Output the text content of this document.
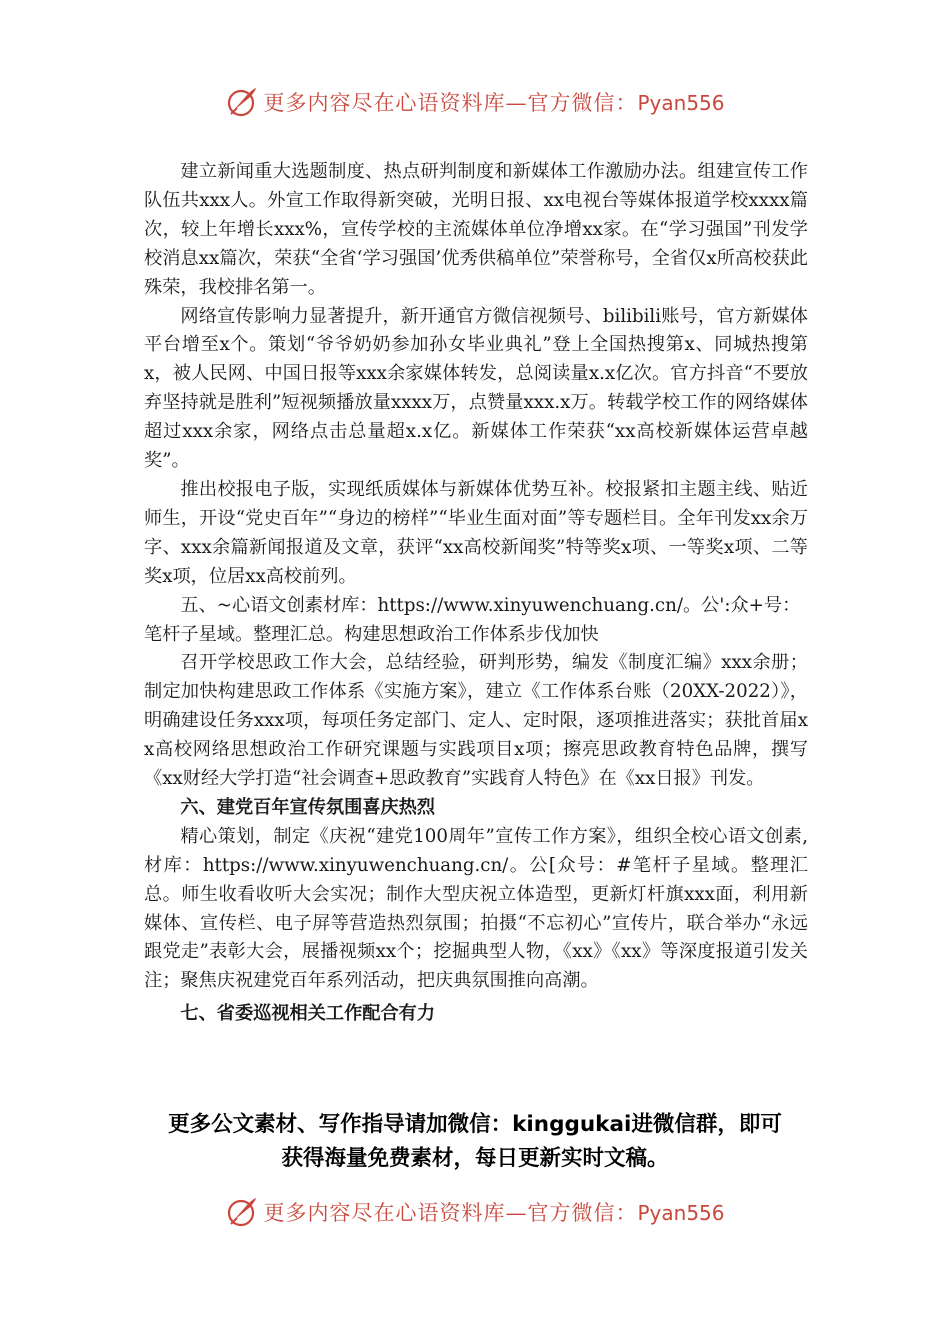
更多内容尽在心语资料库—官方微信：Pyan556

建立新闻重大选题制度、热点研判制度和新媒体工作激励办法。组建宣传工作队伍共xxx人。外宣工作取得新突破，光明日报、xx电视台等媒体报道学校xxxx篇次，较上年增长xxx%，宣传学校的主流媒体单位净增xx家。在“学习强国”刊发学校消息xx篇次，荣获“全省‘学习强国’优秀供稿单位”荣誉称号，全省仅x所高校获此殊荣，我校排名第一。

网络宣传影响力显著提升，新开通官方微信视频号、bilibili账号，官方新媒体平台增至x个。策划“爷爷奶奶参加孙女毕业典礼”登上全国热搜第x、同城热搜第x，被人民网、中国日报等xxx余家媒体转发，总阅读量x.x亿次。官方抖音“不要放弃坚持就是胜利”短视频播放量xxxx万，点赞量xxx.x万。转载学校工作的网络媒体超过xxx余家，网络点击总量超x.x亿。新媒体工作荣获“xx高校新媒体运营卓越奖”。

推出校报电子版，实现纸质媒体与新媒体优势互补。校报紧扣主题主线、贴近师生，开设“党史百年”“身边的榜样”“毕业生面对面”等专题栏目。全年刊发xx余万字、xxx余篇新闻报道及文章，获评“xx高校新闻奖”特等奖x项、一等奖x项、二等奖x项，位居xx高校前列。

五、~心语文创素材库：https://www.xinyuwenchuang.cn/。公':众+号：笔杆子星域。整理汇总。构建思想政治工作体系步伐加快

召开学校思政工作大会，总结经验，研判形势，编发《制度汇编》xxx余册；制定加快构建思政工作体系《实施方案》，建立《工作体系台账（20XX-2022）》，明确建设任务xxx项，每项任务定部门、定人、定时限，逐项推进落实；获批首届xx高校网络思想政治工作研究课题与实践项目x项；擦亮思政教育特色品牌，撰写《xx财经大学打造“社会调查+思政教育”实践育人特色》在《xx日报》刊发。

六、建党百年宣传氛围喜庆热烈

精心策划，制定《庆祝“建党100周年”宣传工作方案》，组织全校心语文创素,材库：https://www.xinyuwenchuang.cn/。公[众号：#笔杆子星域。整理汇总。师生收看收听大会实况；制作大型庆祝立体造型，更新灯杆旗xxx面，利用新媒体、宣传栏、电子屏等营造热烈氛围；拍摄“不忘初心”宣传片，联合举办“永远跟党走”表彰大会，展播视频xx个；挖掘典型人物，《xx》《xx》等深度报道引发关注；聚焦庆祝建党百年系列活动，把庆典氛围推向高潮。

七、省委巡视相关工作配合有力

更多公文素材、写作指导请加微信：kinggukai进微信群，即可
获得海量免费素材，每日更新实时文稿。
更多内容尽在心语资料库—官方微信：Pyan556
